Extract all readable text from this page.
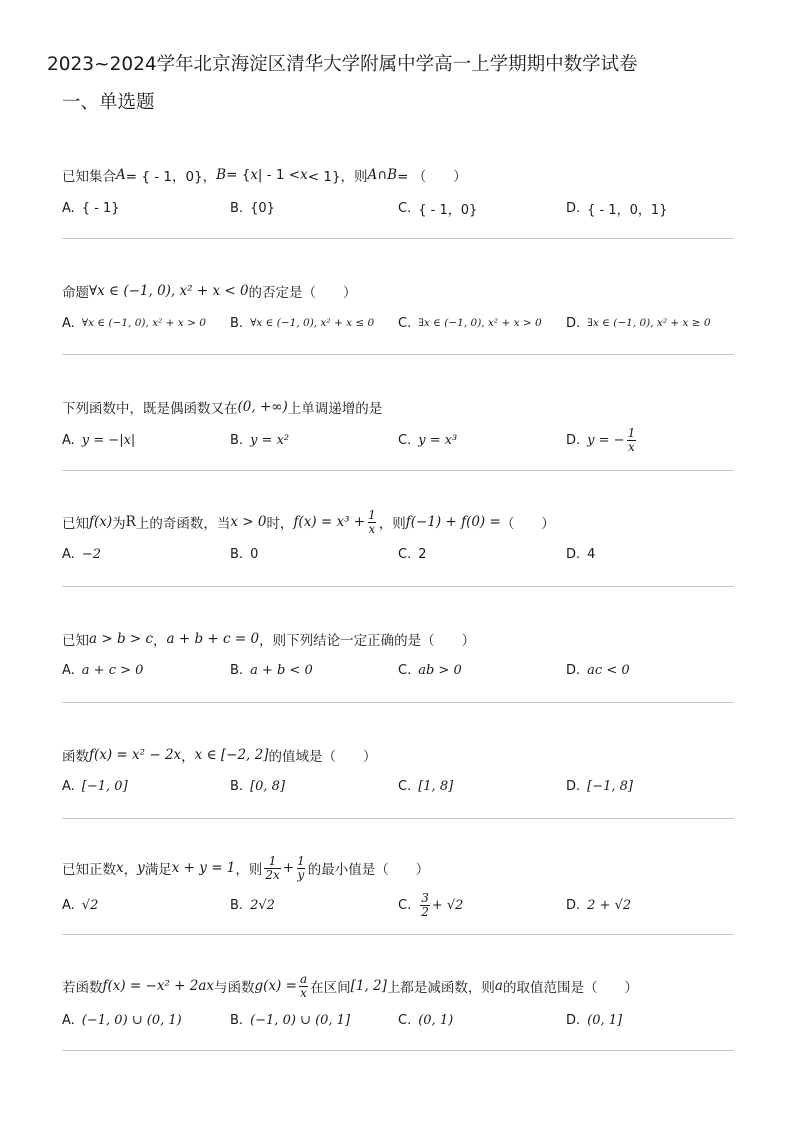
2023~2024学年北京海淀区清华大学附属中学高一上学期期中数学试卷
一、单选题
已知集合 A = { - 1，0}， B = { x | - 1 < x < 1}，则 A ∩ B = （　　）
A. { - 1}	B. {0}	C. { - 1，0}	D. { - 1，0，1}
命题 ∀x ∈ (−1, 0), x² + x < 0 的否定是（　　）
A. ∀x ∈ (−1, 0), x² + x > 0 B. ∀x ∈ (−1, 0), x² + x ≤ 0 C. ∃x ∈ (−1, 0), x² + x > 0 D. ∃x ∈ (−1, 0), x² + x ≥ 0
下列函数中，既是偶函数又在 (0, +∞) 上单调递增的是
A. y = −|x|	B. y = x²	C. y = x³	D. y = − $\frac{1}{x}$
已知 f(x) 为 R 上的奇函数，当 x > 0 时， $f(x) = x^3 + \frac{1}{x}$ ，则 f(−1) + f(0) = （　　）
A. −2	B. 0	C. 2	D. 4
已知 a > b > c ， a + b + c = 0 ，则下列结论一定正确的是（　　）
A. a + c > 0	B. a + b < 0	C. ab > 0	D. ac < 0
函数 f(x) = x² − 2x ， x ∈ [−2, 2] 的值域是（　　）
A. [−1, 0]	B. [0, 8]	C. [1, 8]	D. [−1, 8]
已知正数 x ， y 满足 x + y = 1 ，则 $\frac{1}{2x} + \frac{1}{y}$ 的最小值是（　　）
A. √2	B. 2√2	C. $\frac{3}{2} + √2$	D. 2 + √2
若函数 f(x) = −x² + 2ax 与函数 $g(x) = \frac{a}{x}$ 在区间 [1, 2] 上都是减函数，则 a 的取值范围是（　　）
A. (−1, 0) ∪ (0, 1)	B. (−1, 0) ∪ (0, 1]	C. (0, 1)	D. (0, 1]
